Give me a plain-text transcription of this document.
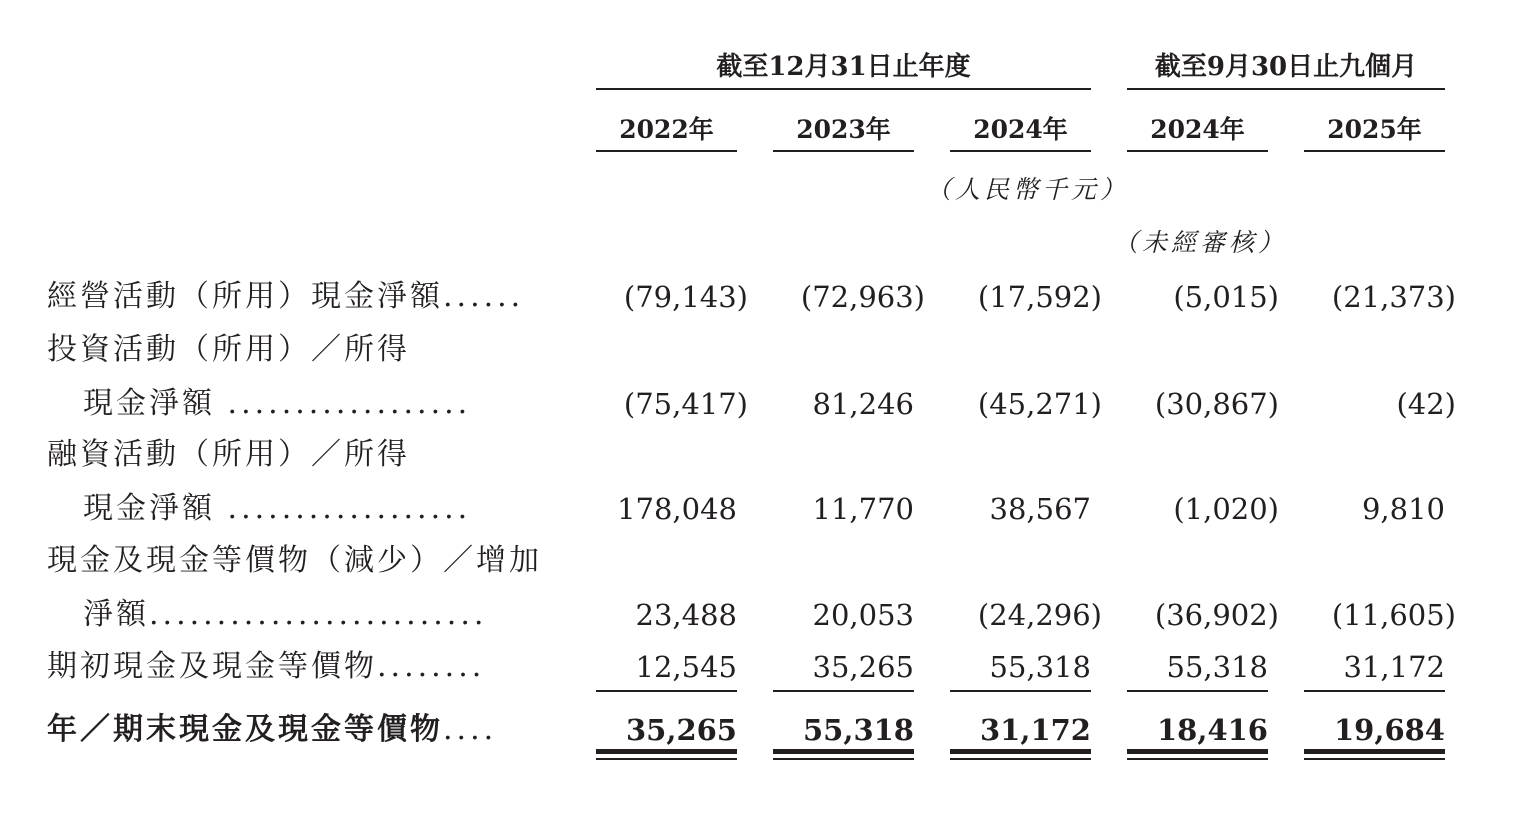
截至12月31日止年度	截至9月30日止九個月
2022年	2023年	2024年	2024年	2025年
（人民幣千元）
（未經審核）
經營活動（所用）現金淨額......	(79,143)	(72,963)	(17,592)	(5,015)	(21,373)
投資活動（所用）／所得
現金淨額 ..................	(75,417)	81,246	(45,271)	(30,867)	(42)
融資活動（所用）／所得
現金淨額 ..................	178,048	11,770	38,567	(1,020)	9,810
現金及現金等價物（減少）／增加
淨額.........................	23,488	20,053	(24,296)	(36,902)	(11,605)
期初現金及現金等價物........	12,545	35,265	55,318	55,318	31,172
年／期末現金及現金等價物....	35,265	55,318	31,172	18,416	19,684
